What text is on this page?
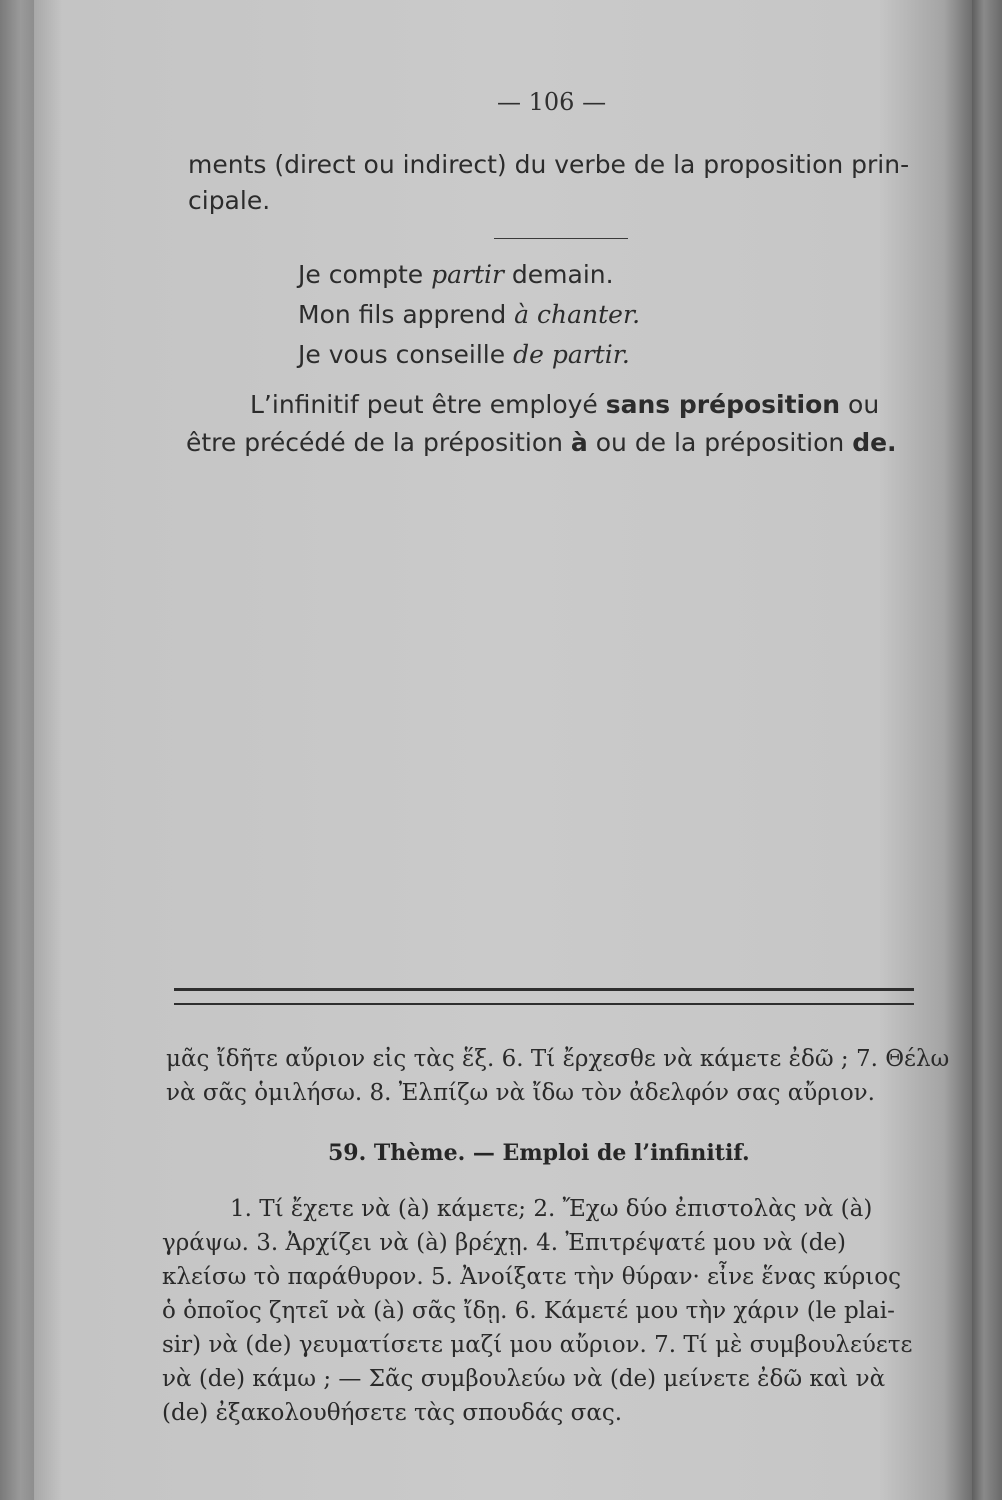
— 106 —
ments (direct ou indirect) du verbe de la proposition prin-
cipale.
Je compte partir demain.
Mon fils apprend à chanter.
Je vous conseille de partir.
L’infinitif peut être employé sans préposition ou
être précédé de la préposition à ou de la préposition de.
μᾶς ἴδῆτε αὔριον εἰς τὰς ἕξ. 6. Τί ἔρχεσθε νὰ κάμετε ἐδῶ ; 7. Θέλω
νὰ σᾶς ὁμιλήσω. 8. Ἐλπίζω νὰ ἴδω τὸν ἀδελφόν σας αὔριον.
59. Thème. — Emploi de l’infinitif.
1. Τί ἔχετε νὰ (à) κάμετε; 2. Ἔχω δύο ἐπιστολὰς νὰ (à)
γράψω. 3. Ἀρχίζει νὰ (à) βρέχῃ. 4. Ἐπιτρέψατέ μου νὰ (de)
κλείσω τὸ παράθυρον. 5. Ἀνοίξατε τὴν θύραν· εἶνε ἕνας κύριος
ὁ ὁποῖος ζητεῖ νὰ (à) σᾶς ἴδῃ. 6. Κάμετέ μου τὴν χάριν (le plai-
sir) νὰ (de) γευματίσετε μαζί μου αὔριον. 7. Τί μὲ συμβουλεύετε
νὰ (de) κάμω ; — Σᾶς συμβουλεύω νὰ (de) μείνετε ἐδῶ καὶ νὰ
(de) ἐξακολουθήσετε τὰς σπουδάς σας.
